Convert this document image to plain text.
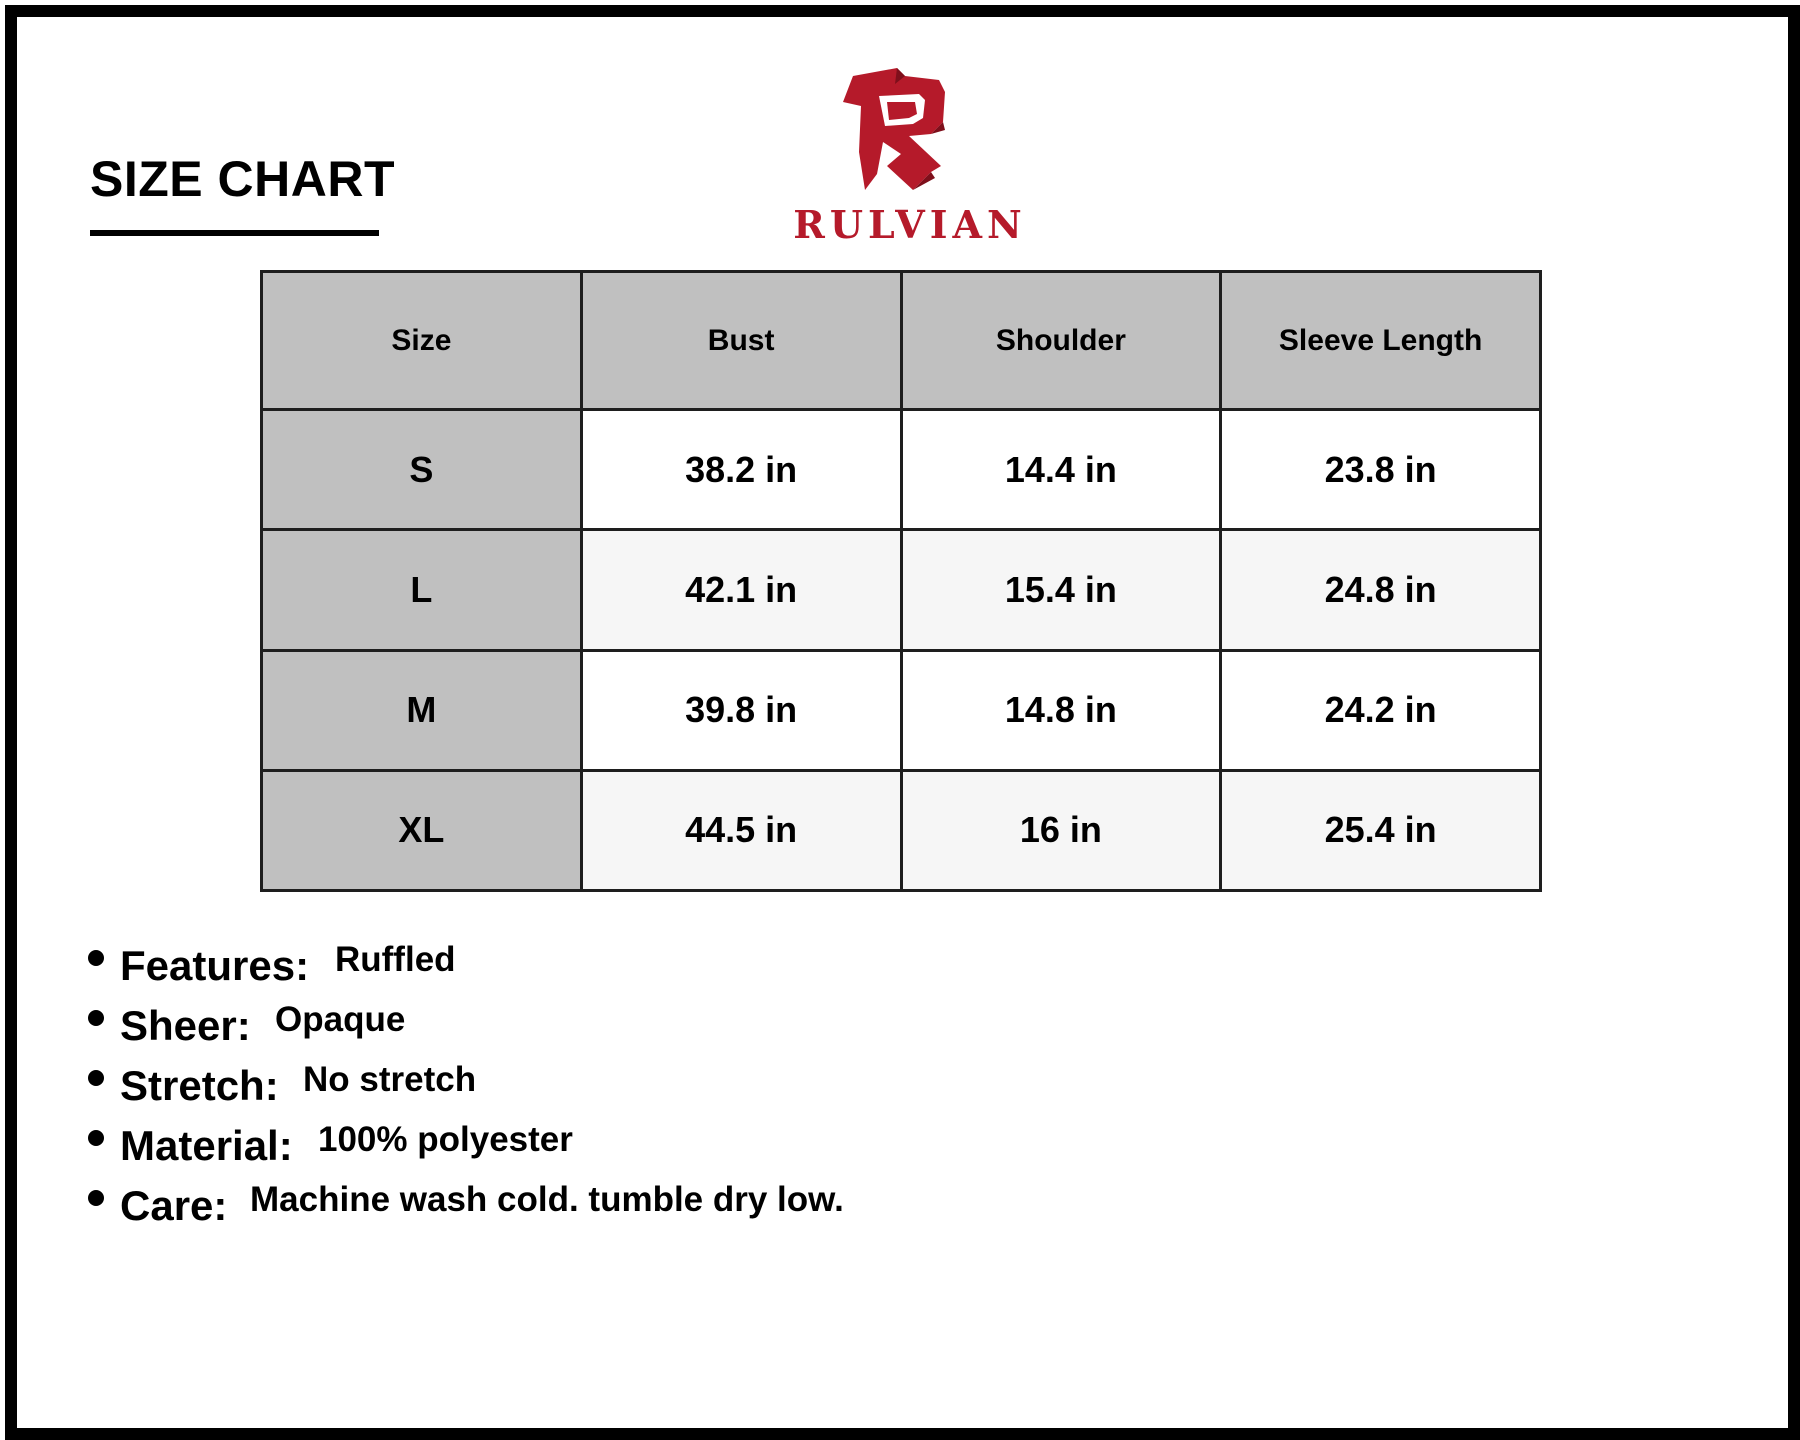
SIZE CHART
RULVIAN
Size	Bust	Shoulder	Sleeve Length
S	38.2 in	14.4 in	23.8 in
L	42.1 in	15.4 in	24.8 in
M	39.8 in	14.8 in	24.2 in
XL	44.5 in	16 in	25.4 in
Features: Ruffled
Sheer: Opaque
Stretch: No stretch
Material: 100% polyester
Care: Machine wash cold. tumble dry low.
